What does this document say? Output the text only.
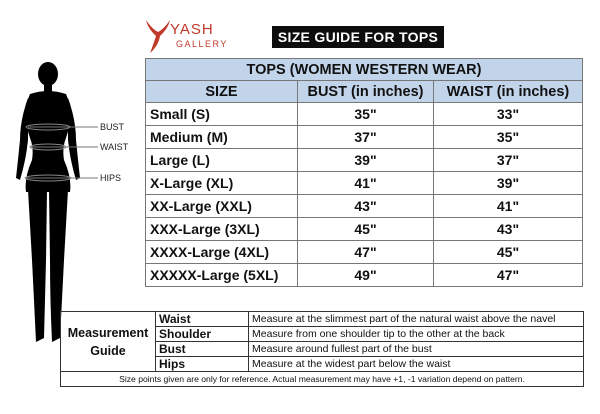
YASH
GALLERY	SIZE GUIDE FOR TOPS
BUST
WAIST
HIPS
TOPS (WOMEN WESTERN WEAR)		
SIZE	BUST (in inches)	WAIST (in inches)
Small (S)	35"	33"
Medium (M)	37"	35"
Large (L)	39"	37"
X-Large (XL)	41"	39"
XX-Large (XXL)	43"	41"
XXX-Large (3XL)	45"	43"
XXXX-Large (4XL)	47"	45"
XXXXX-Large (5XL)	49"	47"
Measurement
Guide	Waist	Measure at the slimmest part of the natural waist above the navel
	Shoulder	Measure from one shoulder tip to the other at the back
	Bust	Measure around fullest part of the bust
	Hips	Measure at the widest part below the waist
Size points given are only for reference. Actual measurement may have +1, -1 variation depend on pattern.		
